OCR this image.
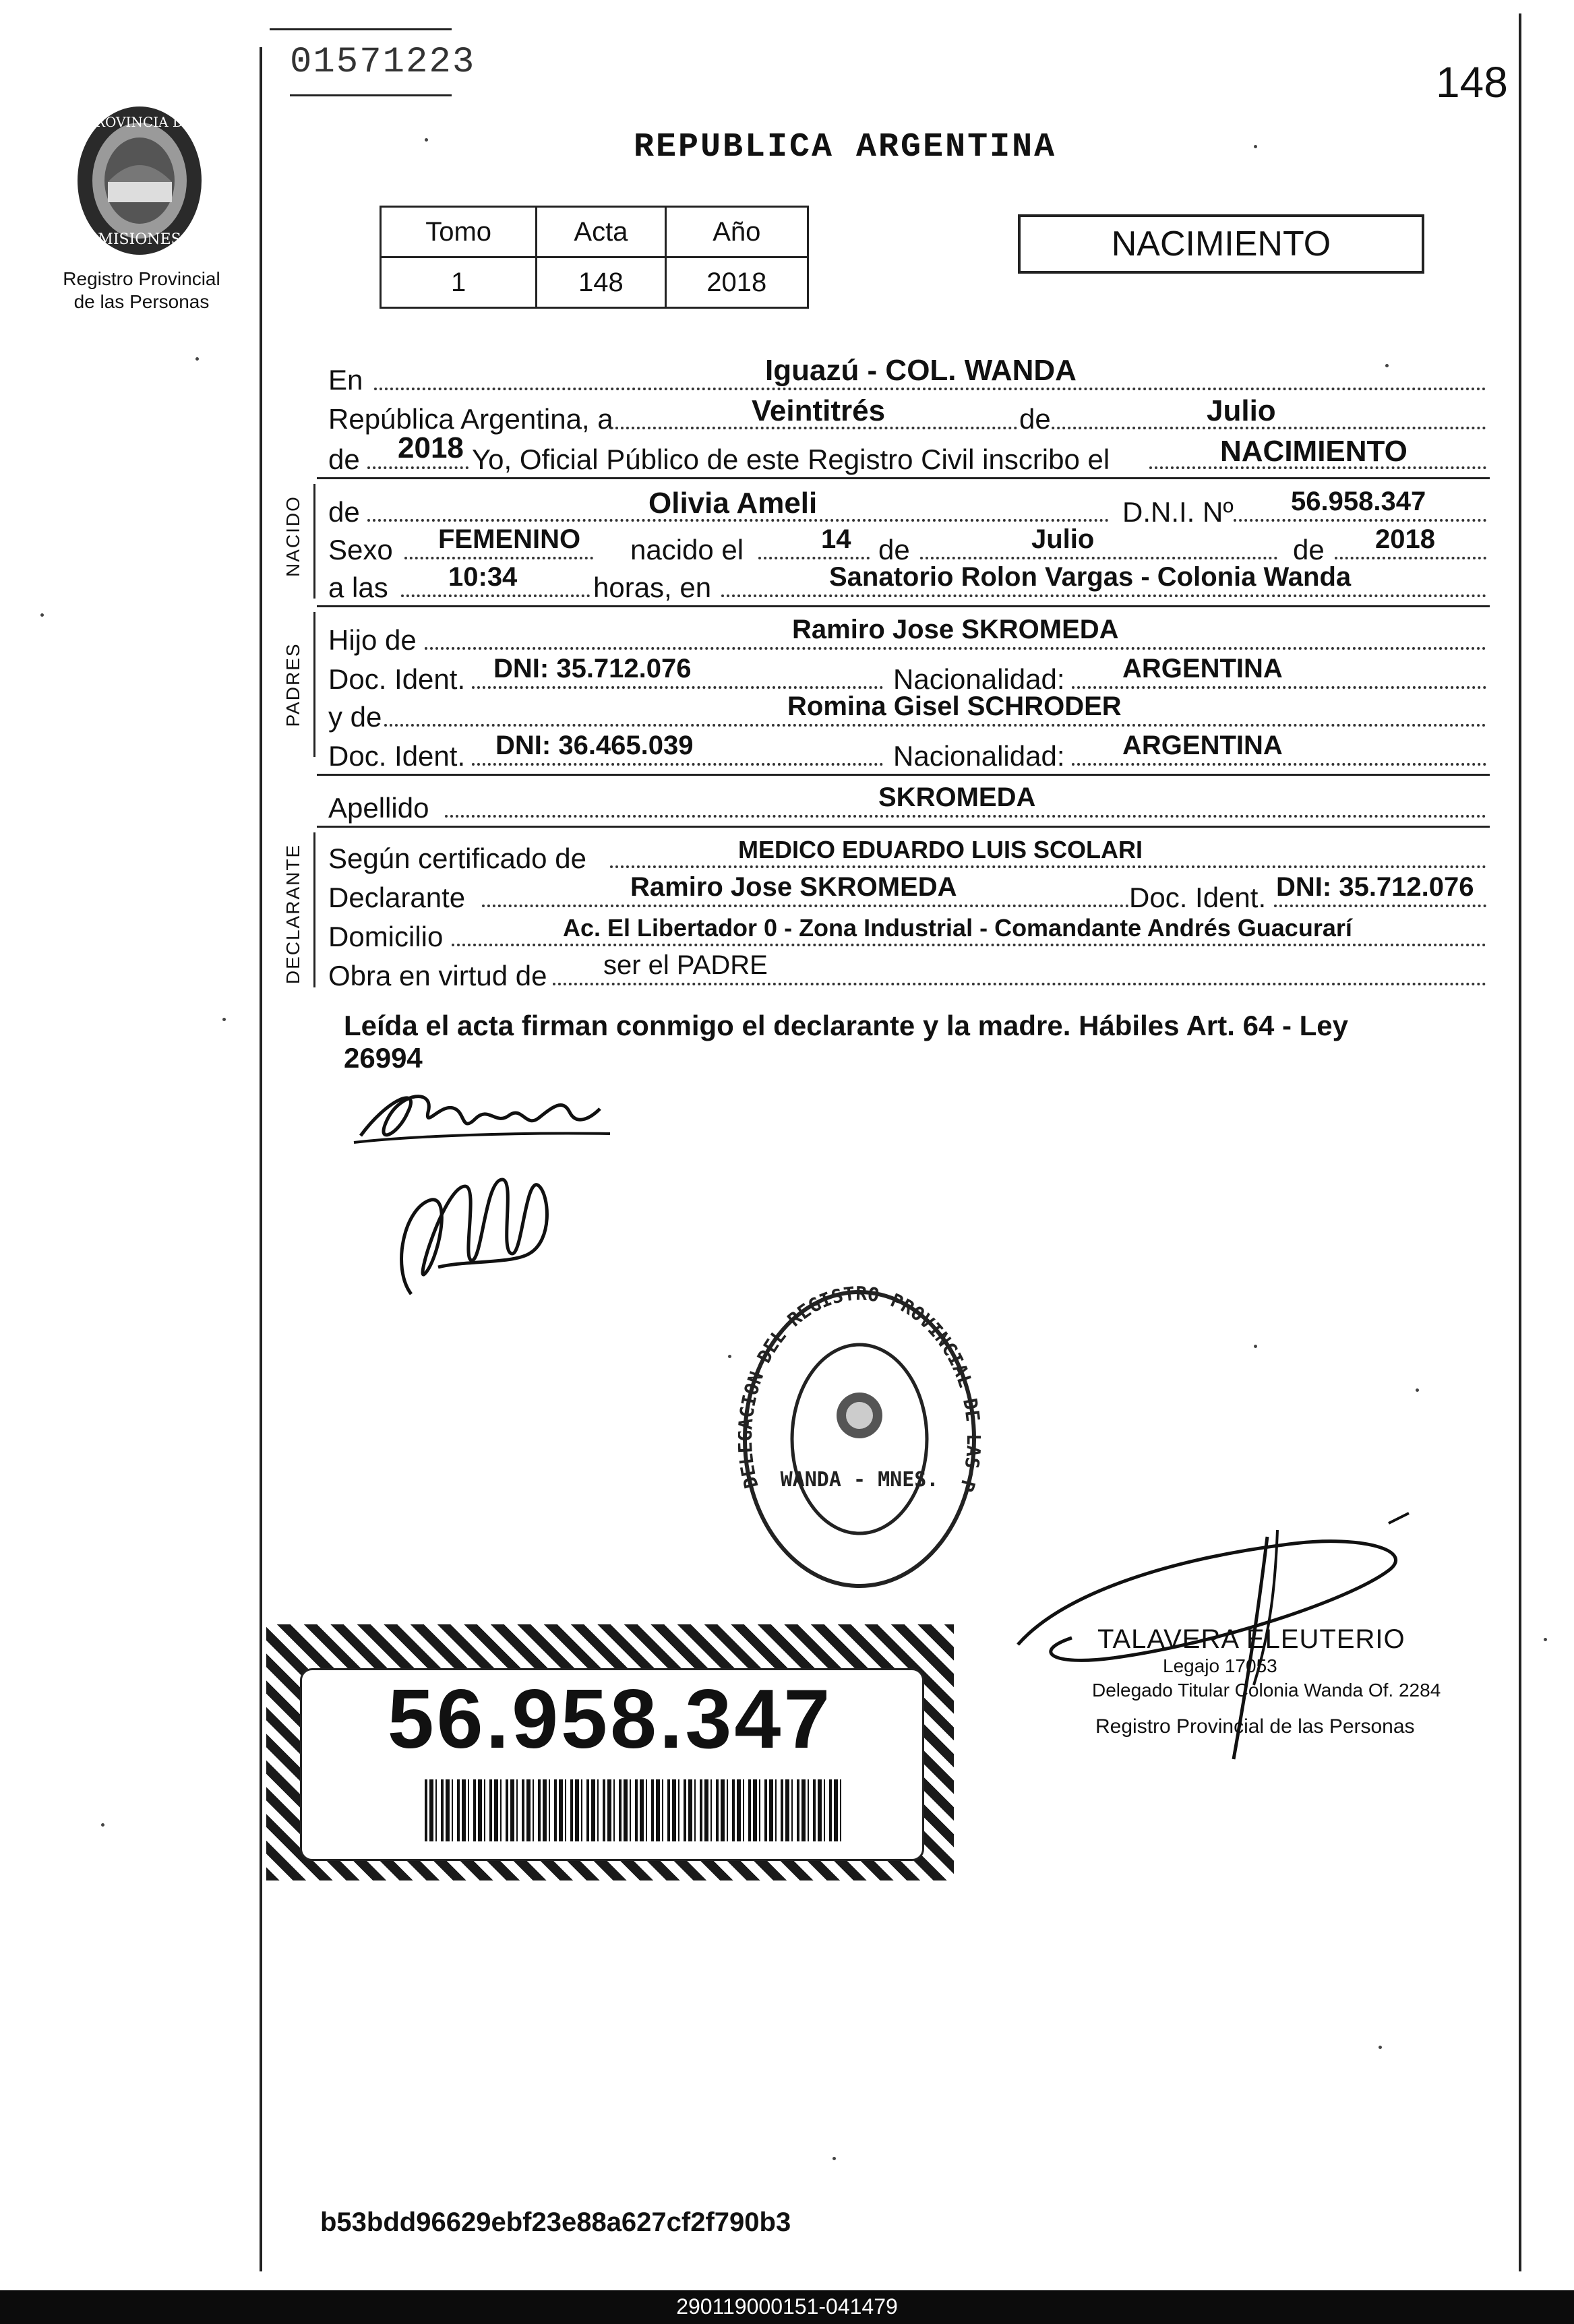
01571223	148
PROVINCIA DE
MISIONES
Registro Provincial
de las Personas
REPUBLICA ARGENTINA
Tomo	Acta	Año
1	148	2018
NACIMIENTO
En	Iguazú - COL. WANDA
República Argentina, a	Veintitrés	de	Julio
de 2018 Yo, Oficial Público de este Registro Civil inscribo el	NACIMIENTO
NACIDO de	Olivia Ameli	D.N.I. Nº 56.958.347
Sexo FEMENINO nacido el	14 de	Julio	de 2018
a las 10:34	horas, en	Sanatorio Rolon Vargas - Colonia Wanda
PADRES
Hijo de	Ramiro Jose SKROMEDA
Doc. Ident. DNI: 35.712.076	Nacionalidad: ARGENTINA
y de	Romina Gisel SCHRODER
Doc. Ident. DNI: 36.465.039	Nacionalidad: ARGENTINA
Apellido	SKROMEDA
DECLARANTE Según certificado de	MEDICO EDUARDO LUIS SCOLARI
Declarante	Ramiro Jose SKROMEDA	Doc. Ident. DNI: 35.712.076
Domicilio	Ac. El Libertador 0 - Zona Industrial - Comandante Andrés Guacurarí
Obra en virtud de ser el PADRE
Leída el acta firman conmigo el declarante y la madre. Hábiles Art. 64 - Ley
26994
DE ION DEL REGISTRO PROVINCIAL D P
WANDA - MNES.
TALAVERA ELEUTERIO
Legajo 17053
Delegado Titular Colonia Wanda Of. 2284
Registro Provincial de las Personas
56.958.347
b53bdd96629ebf23e88a627cf2f790b3
290119000151-041479
